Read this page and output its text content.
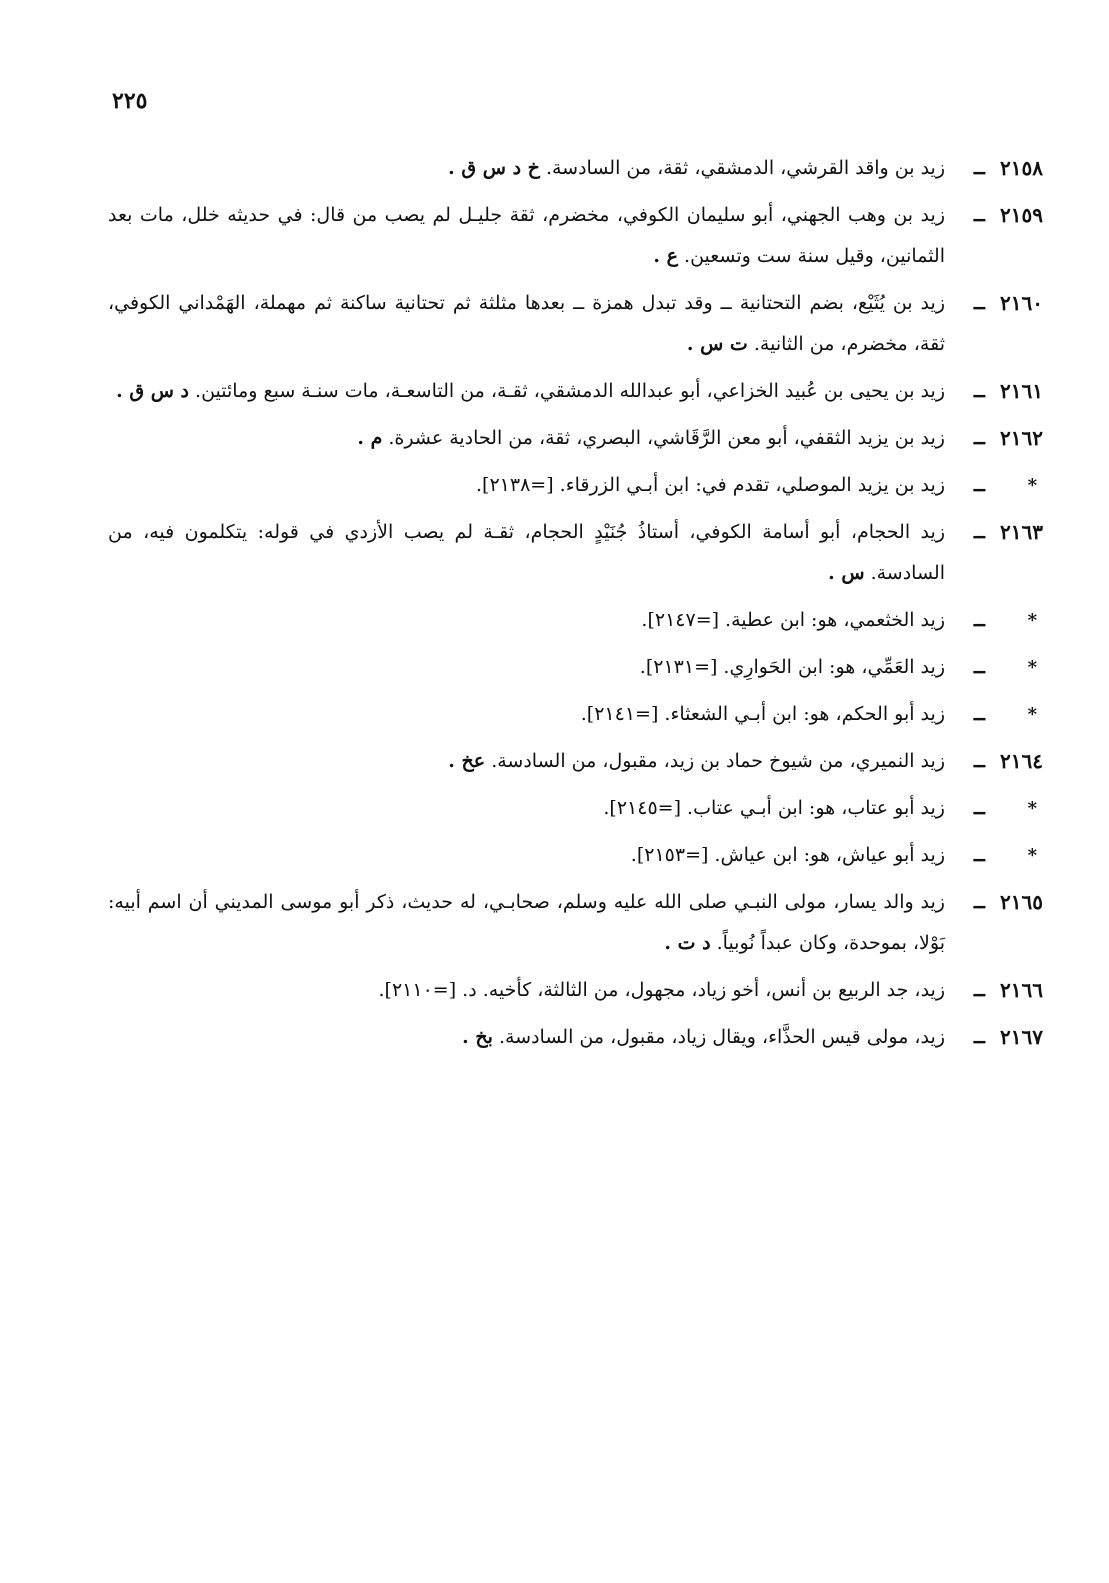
٢٢٥
٢١٥٨
ــ
زيد بن واقد القرشي، الدمشقي، ثقة، من السادسة. خ د س ق .
٢١٥٩
ــ
زيد بن وهب الجهني، أبو سليمان الكوفي، مخضرم، ثقة جليـل لم يصب من قال: في حديثه خلل، مات بعد الثمانين، وقيل سنة ست وتسعين. ع .
٢١٦٠
ــ
زيد بن يُثَيْع، بضم التحتانية ــ وقد تبدل همزة ــ بعدها مثلثة ثم تحتانية ساكنة ثم مهملة، الهَمْداني الكوفي، ثقة، مخضرم، من الثانية. ت س .
٢١٦١
ــ
زيد بن يحيى بن عُبيد الخزاعي، أبو عبدالله الدمشقي، ثقـة، من التاسعـة، مات سنـة سبع ومائتين. د س ق .
٢١٦٢
ــ
زيد بن يزيد الثقفي، أبو معن الرَّقَاشي، البصري، ثقة، من الحادية عشرة. م .
*
ــ
زيد بن يزيد الموصلي، تقدم في: ابن أبـي الزرقاء. [=٢١٣٨].
٢١٦٣
ــ
زيد الحجام، أبو أسامة الكوفي، أستاذُ جُنَيْدٍ الحجام، ثقـة لم يصب الأزدي في قوله: يتكلمون فيه، من السادسة. س .
*
ــ
زيد الخثعمي، هو: ابن عطية. [=٢١٤٧].
*
ــ
زيد العَمِّي، هو: ابن الحَوارِي. [=٢١٣١].
*
ــ
زيد أبو الحكم، هو: ابن أبـي الشعثاء. [=٢١٤١].
٢١٦٤
ــ
زيد النميري، من شيوخ حماد بن زيد، مقبول، من السادسة. عخ .
*
ــ
زيد أبو عتاب، هو: ابن أبـي عتاب. [=٢١٤٥].
*
ــ
زيد أبو عياش، هو: ابن عياش. [=٢١٥٣].
٢١٦٥
ــ
زيد والد يسار، مولى النبـي صلى الله عليه وسلم، صحابـي، له حديث، ذكر أبو موسى المديني أن اسم أبيه: بَوْلا، بموحدة، وكان عبداً نُوبياً. د ت .
٢١٦٦
ــ
زيد، جد الربيع بن أنس، أخو زياد، مجهول، من الثالثة، كأخيه. د. [=٢١١٠].
٢١٦٧
ــ
زيد، مولى قيس الحذَّاء، ويقال زياد، مقبول، من السادسة. بخ .
